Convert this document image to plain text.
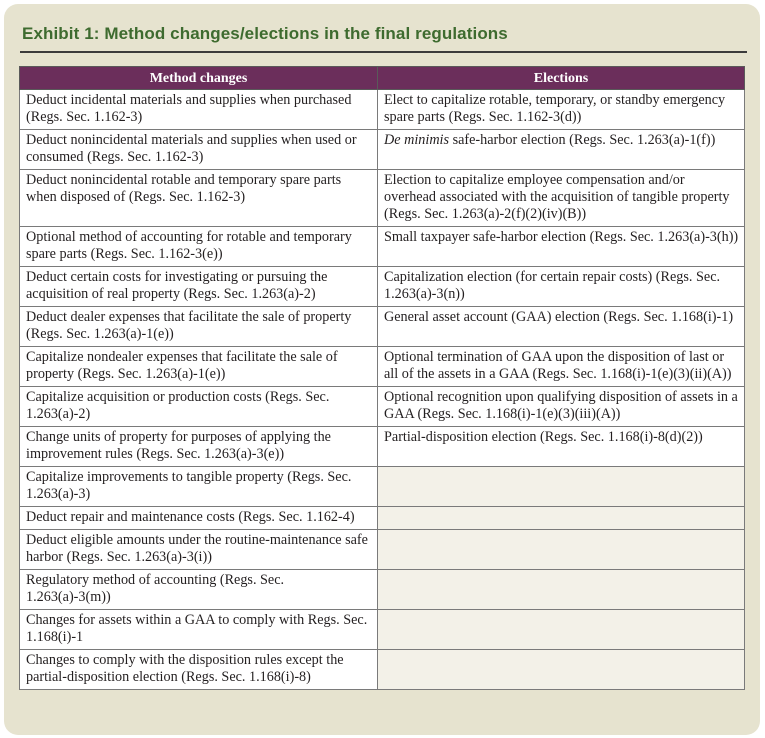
Exhibit 1: Method changes/elections in the final regulations
Method changes	Elections
Deduct incidental materials and supplies when purchased (Regs. Sec. 1.162-3)	Elect to capitalize rotable, temporary, or standby emergency spare parts (Regs. Sec. 1.162-3(d))
Deduct nonincidental materials and supplies when used or consumed (Regs. Sec. 1.162-3)	De minimis safe-harbor election (Regs. Sec. 1.263(a)-1(f))
Deduct nonincidental rotable and temporary spare parts when disposed of (Regs. Sec. 1.162-3)	Election to capitalize employee compensation and/or overhead associated with the acquisition of tangible property (Regs. Sec. 1.263(a)-2(f)(2)(iv)(B))
Optional method of accounting for rotable and temporary spare parts (Regs. Sec. 1.162-3(e))	Small taxpayer safe-harbor election (Regs. Sec. 1.263(a)-3(h))
Deduct certain costs for investigating or pursuing the acquisition of real property (Regs. Sec. 1.263(a)-2)	Capitalization election (for certain repair costs) (Regs. Sec. 1.263(a)-3(n))
Deduct dealer expenses that facilitate the sale of property (Regs. Sec. 1.263(a)-1(e))	General asset account (GAA) election (Regs. Sec. 1.168(i)-1)
Capitalize nondealer expenses that facilitate the sale of property (Regs. Sec. 1.263(a)-1(e))	Optional termination of GAA upon the disposition of last or all of the assets in a GAA (Regs. Sec. 1.168(i)-1(e)(3)(ii)(A))
Capitalize acquisition or production costs (Regs. Sec. 1.263(a)-2)	Optional recognition upon qualifying disposition of assets in a GAA (Regs. Sec. 1.168(i)-1(e)(3)(iii)(A))
Change units of property for purposes of applying the improvement rules (Regs. Sec. 1.263(a)-3(e))	Partial-disposition election (Regs. Sec. 1.168(i)-8(d)(2))
Capitalize improvements to tangible property (Regs. Sec. 1.263(a)-3)	
Deduct repair and maintenance costs (Regs. Sec. 1.162-4)	
Deduct eligible amounts under the routine-maintenance safe harbor (Regs. Sec. 1.263(a)-3(i))	
Regulatory method of accounting (Regs. Sec. 1.263(a)-3(m))	
Changes for assets within a GAA to comply with Regs. Sec. 1.168(i)-1	
Changes to comply with the disposition rules except the partial-disposition election (Regs. Sec. 1.168(i)-8)	
